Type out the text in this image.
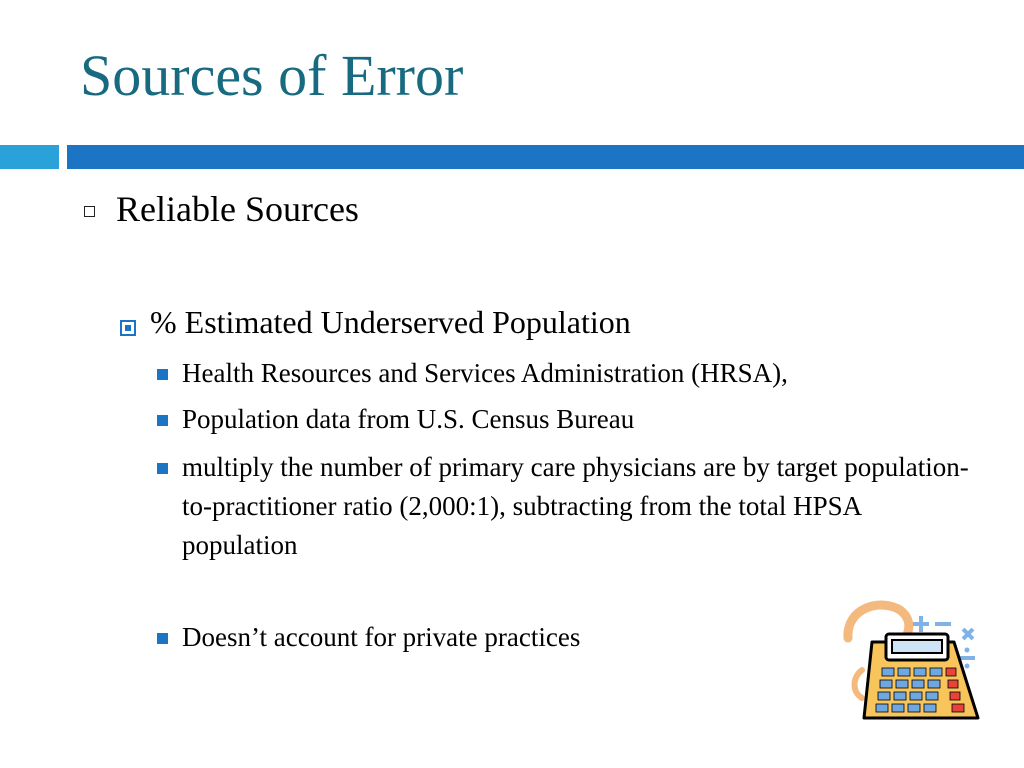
Sources of Error
Reliable Sources
% Estimated Underserved Population
Health Resources and Services Administration (HRSA),
Population data from U.S. Census Bureau
multiply the number of primary care physicians are by target population-to-practitioner ratio (2,000:1), subtracting from the total HPSA population
Doesn’t account for private practices
